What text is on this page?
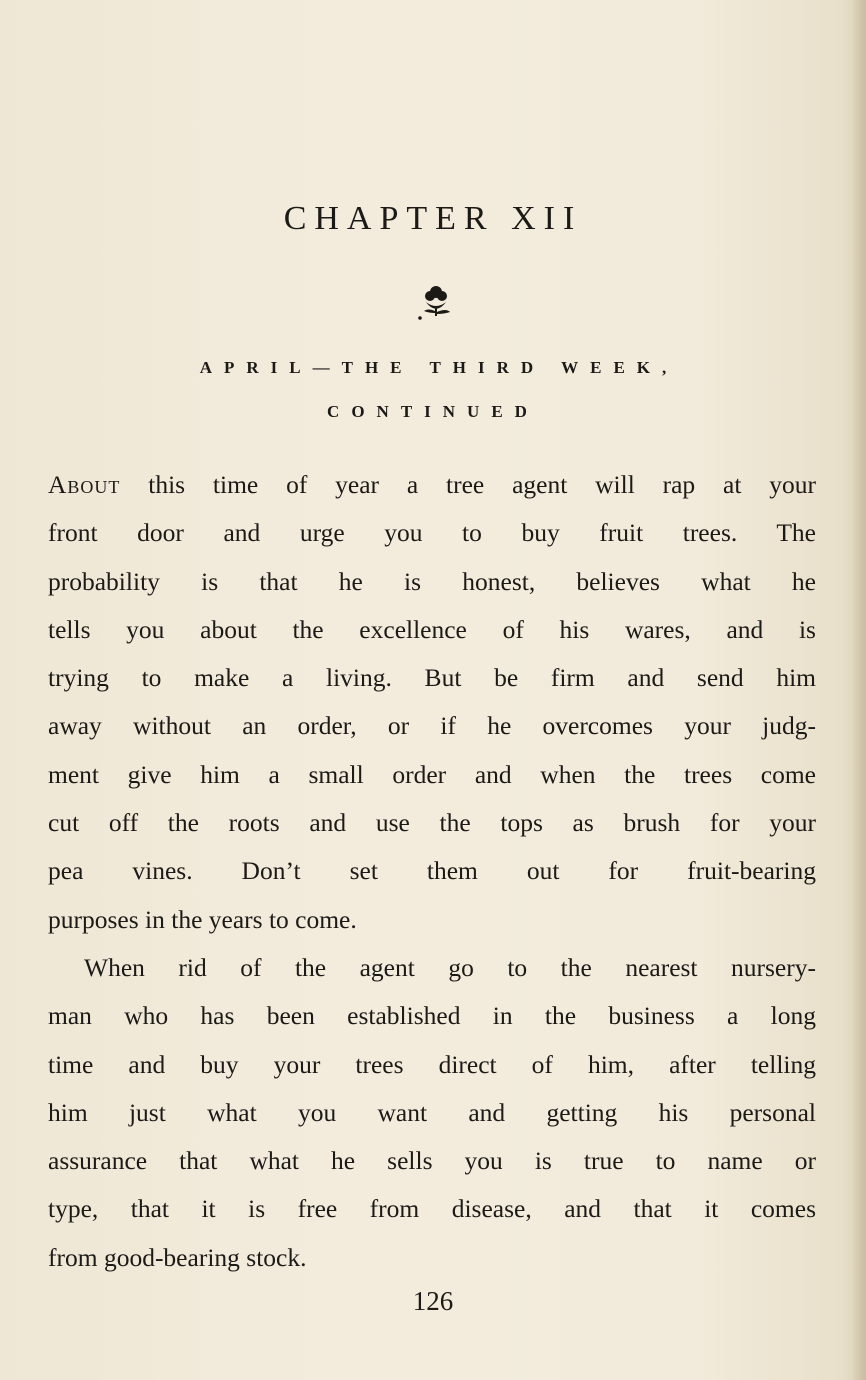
CHAPTER XII
APRIL—THE THIRD WEEK,
CONTINUED
About this time of year a tree agent will rap at your
front door and urge you to buy fruit trees. The
probability is that he is honest, believes what he
tells you about the excellence of his wares, and is
trying to make a living. But be firm and send him
away without an order, or if he overcomes your judg-
ment give him a small order and when the trees come
cut off the roots and use the tops as brush for your
pea vines. Don’t set them out for fruit-bearing
purposes in the years to come.
When rid of the agent go to the nearest nursery-
man who has been established in the business a long
time and buy your trees direct of him, after telling
him just what you want and getting his personal
assurance that what he sells you is true to name or
type, that it is free from disease, and that it comes
from good-bearing stock.
126
